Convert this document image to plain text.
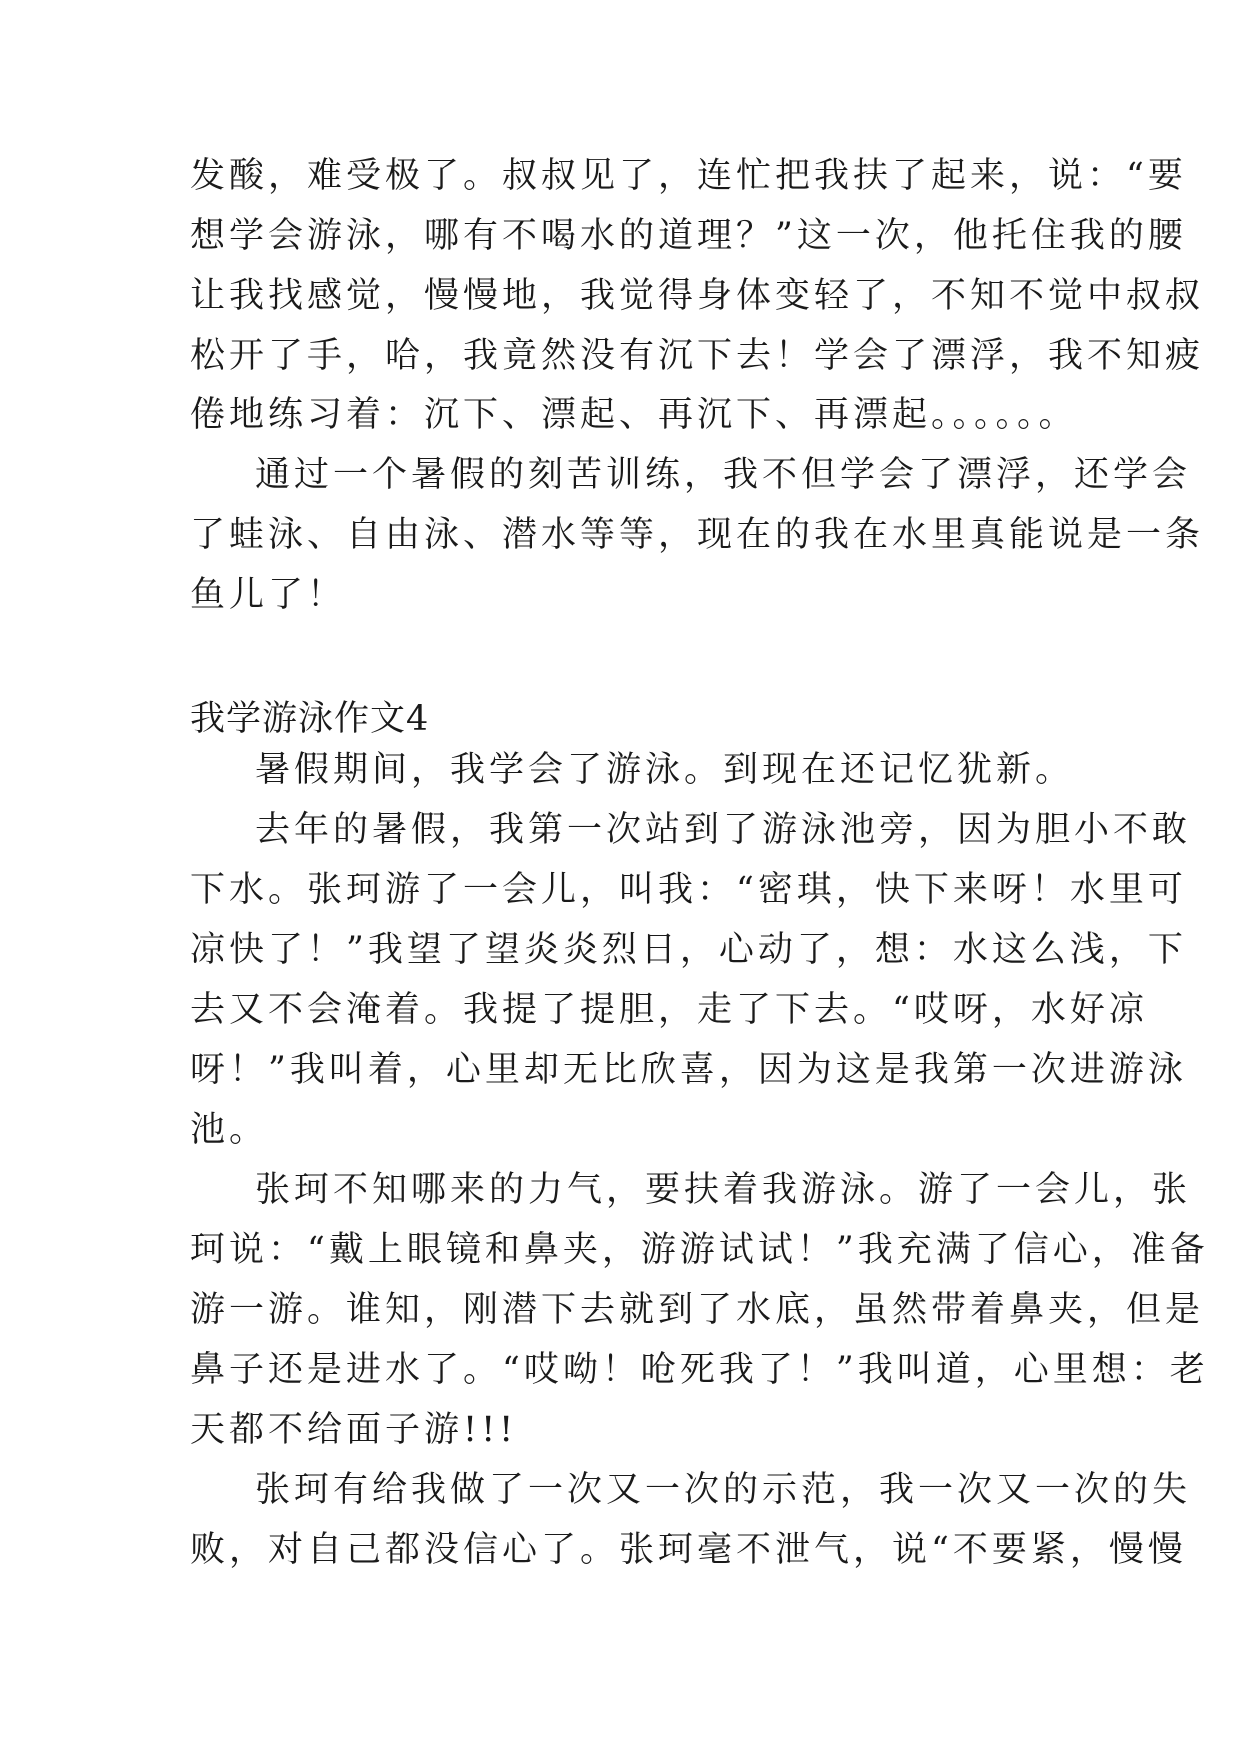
发酸，难受极了。叔叔见了，连忙把我扶了起来，说：“要

想学会游泳，哪有不喝水的道理？”这一次，他托住我的腰

让我找感觉，慢慢地，我觉得身体变轻了，不知不觉中叔叔

松开了手，哈，我竟然没有沉下去！学会了漂浮，我不知疲

倦地练习着：沉下、漂起、再沉下、再漂起。。。。。。

通过一个暑假的刻苦训练，我不但学会了漂浮，还学会

了蛙泳、自由泳、潜水等等，现在的我在水里真能说是一条

鱼儿了！

我学游泳作文4

暑假期间，我学会了游泳。到现在还记忆犹新。

去年的暑假，我第一次站到了游泳池旁，因为胆小不敢

下水。张珂游了一会儿，叫我：“密琪，快下来呀！水里可

凉快了！”我望了望炎炎烈日，心动了，想：水这么浅，下

去又不会淹着。我提了提胆，走了下去。“哎呀，水好凉

呀！”我叫着，心里却无比欣喜，因为这是我第一次进游泳

池。

张珂不知哪来的力气，要扶着我游泳。游了一会儿，张

珂说：“戴上眼镜和鼻夹，游游试试！”我充满了信心，准备

游一游。谁知，刚潜下去就到了水底，虽然带着鼻夹，但是

鼻子还是进水了。“哎呦！呛死我了！”我叫道，心里想：老

天都不给面子游!!!

张珂有给我做了一次又一次的示范，我一次又一次的失

败，对自己都没信心了。张珂毫不泄气，说“不要紧，慢慢
